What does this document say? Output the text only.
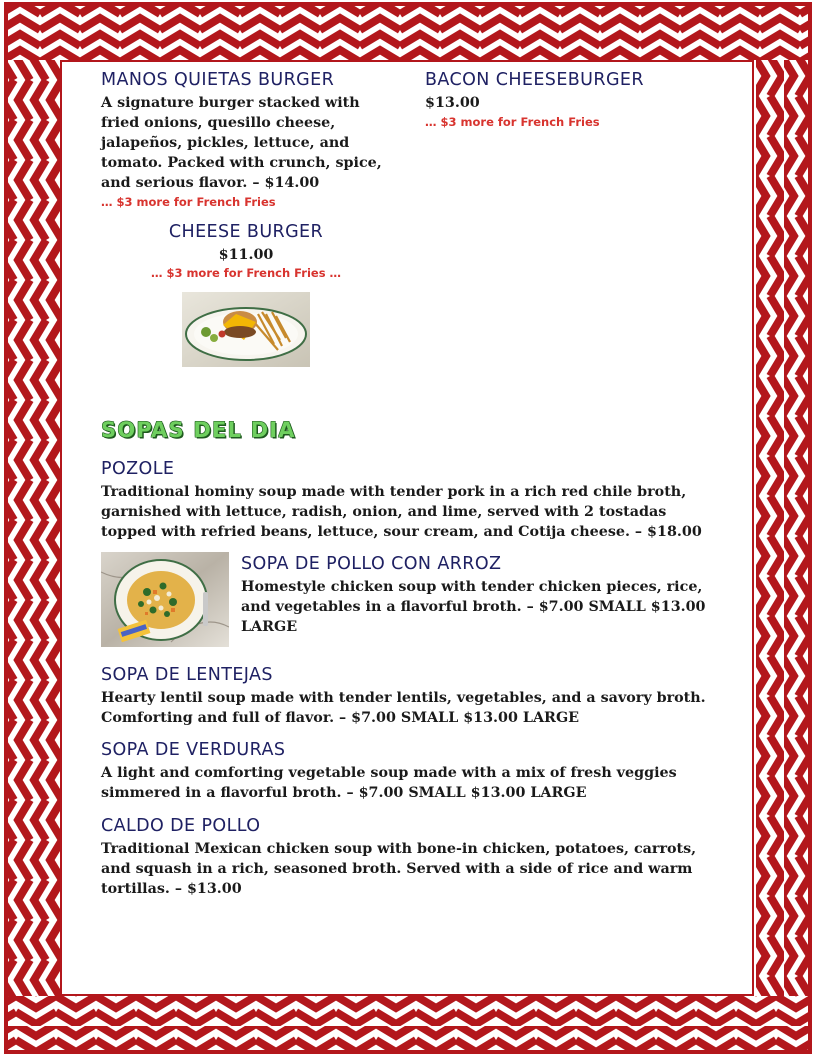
MANOS QUIETAS BURGER

A signature burger stacked with fried onions, quesillo cheese, jalapeños, pickles, lettuce, and tomato. Packed with crunch, spice, and serious flavor. – $14.00

… $3 more for French Fries

BACON CHEESEBURGER

$13.00

… $3 more for French Fries

CHEESE BURGER

$11.00

… $3 more for French Fries …

SOPAS DEL DIA
POZOLE

Traditional hominy soup made with tender pork in a rich red chile broth, garnished with lettuce, radish, onion, and lime, served with 2 tostadas topped with refried beans, lettuce, sour cream, and Cotija cheese. – $18.00

SOPA DE POLLO CON ARROZ

Homestyle chicken soup with tender chicken pieces, rice, and vegetables in a flavorful broth. – $7.00 SMALL $13.00 LARGE

SOPA DE LENTEJAS

Hearty lentil soup made with tender lentils, vegetables, and a savory broth. Comforting and full of flavor. – $7.00 SMALL $13.00 LARGE

SOPA DE VERDURAS

A light and comforting vegetable soup made with a mix of fresh veggies simmered in a flavorful broth. – $7.00 SMALL $13.00 LARGE

CALDO DE POLLO

Traditional Mexican chicken soup with bone-in chicken, potatoes, carrots, and squash in a rich, seasoned broth. Served with a side of rice and warm tortillas. – $13.00
